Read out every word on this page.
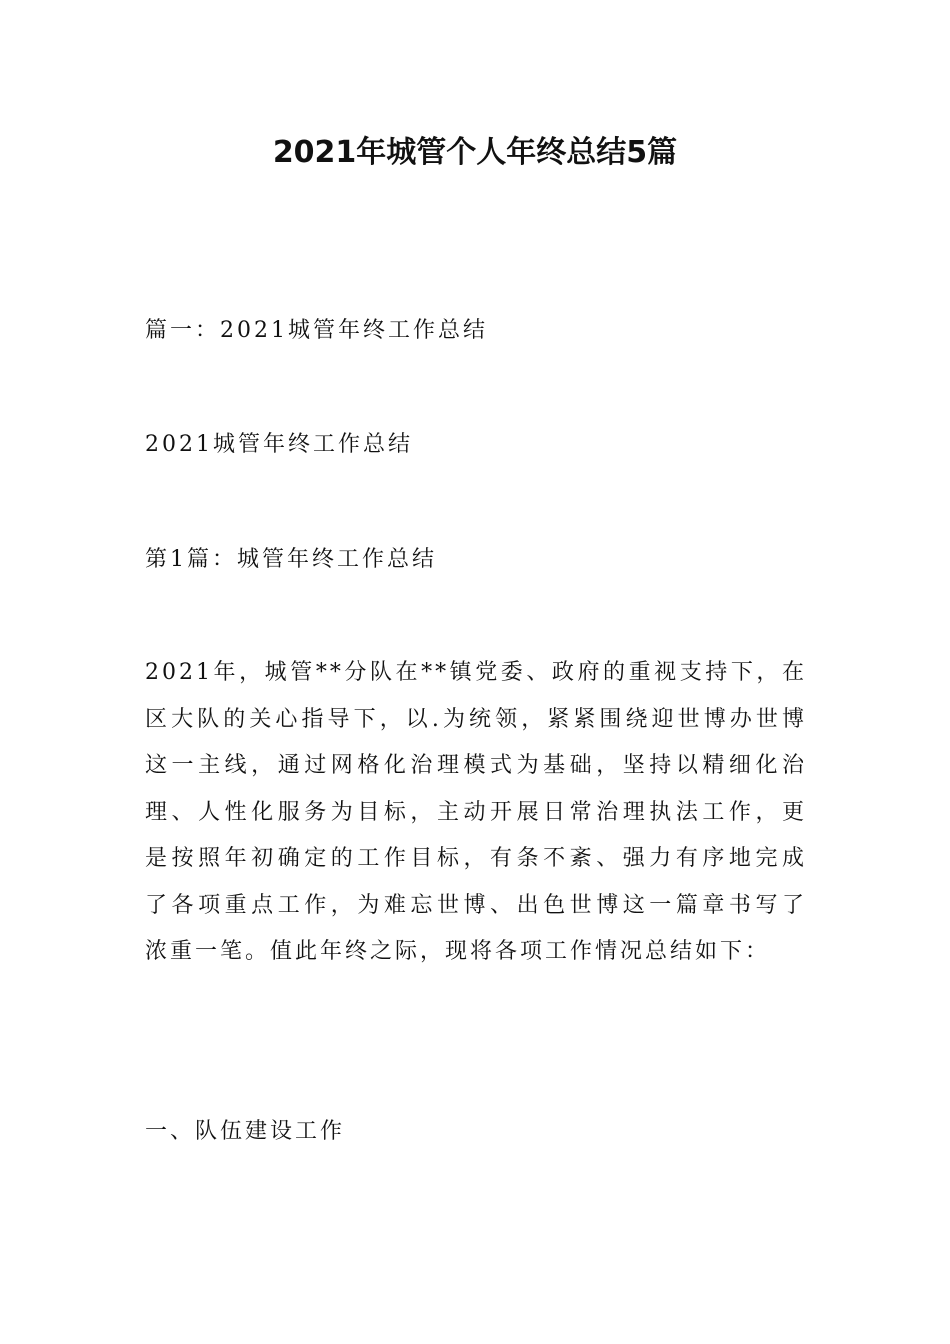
2021年城管个人年终总结5篇

篇一：2021城管年终工作总结

2021城管年终工作总结

第1篇：城管年终工作总结

2021年，城管**分队在**镇党委、政府的重视支持下，在
区大队的关心指导下，以.为统领，紧紧围绕迎世博办世博
这一主线，通过网格化治理模式为基础，坚持以精细化治
理、人性化服务为目标，主动开展日常治理执法工作，更
是按照年初确定的工作目标，有条不紊、强力有序地完成
了各项重点工作，为难忘世博、出色世博这一篇章书写了
浓重一笔。值此年终之际，现将各项工作情况总结如下：

一、队伍建设工作
